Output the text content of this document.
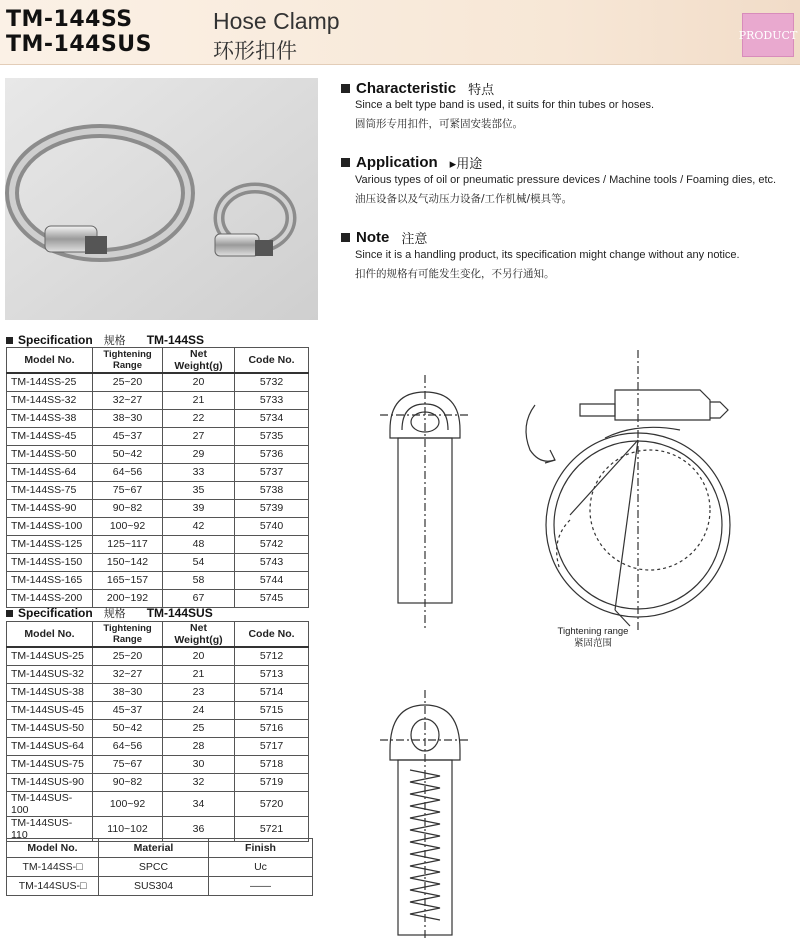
TM-144SS
TM-144SUS
Hose Clamp
环形扣件
PRODUCT
Characteristic 特点
Since a belt type band is used, it suits for thin tubes or hoses.
圆筒形专用扣件，可紧固安装部位。
Application ▸用途
Various types of oil or pneumatic pressure devices / Machine tools / Foaming dies, etc.
油压设备以及气动压力设备/工作机械/模具等。
Note 注意
Since it is a handling product, its specification might change without any notice.
扣件的规格有可能发生变化，不另行通知。
Specification 规格 TM-144SS
Model No.	Tightening Range	Net Weight(g)	Code No.
TM-144SS-25	25~20	20	5732
TM-144SS-32	32~27	21	5733
TM-144SS-38	38~30	22	5734
TM-144SS-45	45~37	27	5735
TM-144SS-50	50~42	29	5736
TM-144SS-64	64~56	33	5737
TM-144SS-75	75~67	35	5738
TM-144SS-90	90~82	39	5739
TM-144SS-100	100~92	42	5740
TM-144SS-125	125~117	48	5742
TM-144SS-150	150~142	54	5743
TM-144SS-165	165~157	58	5744
TM-144SS-200	200~192	67	5745
Specification 规格 TM-144SUS
Model No.	Tightening Range	Net Weight(g)	Code No.
TM-144SUS-25	25~20	20	5712
TM-144SUS-32	32~27	21	5713
TM-144SUS-38	38~30	23	5714
TM-144SUS-45	45~37	24	5715
TM-144SUS-50	50~42	25	5716
TM-144SUS-64	64~56	28	5717
TM-144SUS-75	75~67	30	5718
TM-144SUS-90	90~82	32	5719
TM-144SUS-100	100~92	34	5720
TM-144SUS-110	110~102	36	5721
Model No.	Material	Finish
TM-144SS-□	SPCC	Uc
TM-144SUS-□	SUS304	——
Tightening range
紧固范围
